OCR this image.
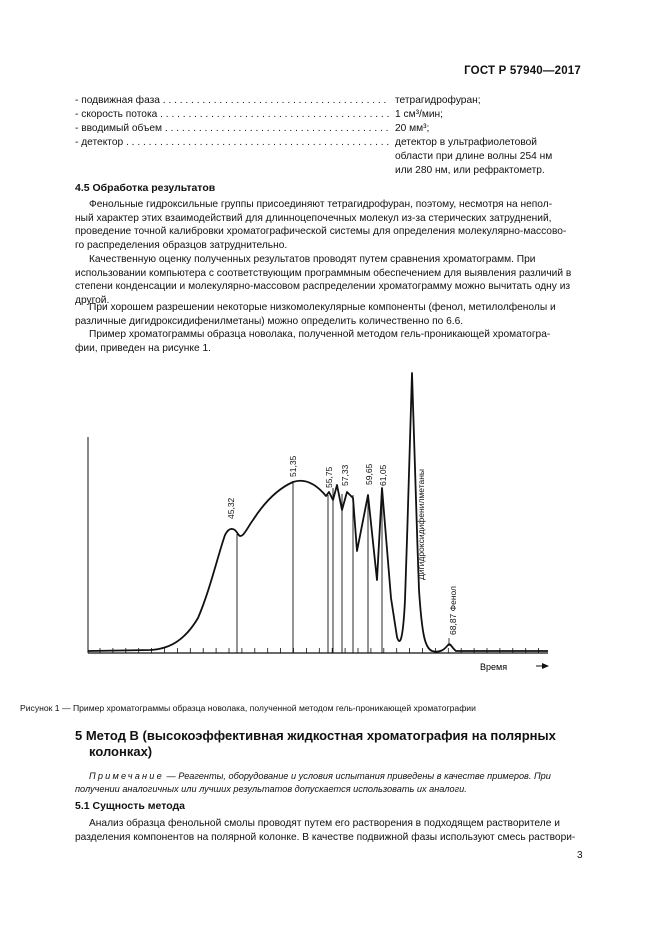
ГОСТ Р 57940—2017
- подвижная фаза . . .	тетрагидрофуран;
- скорость потока . . .	1 см³/мин;
- вводимый объем . . .	20 мм³;
- детектор . . .	детектор в ультрафиолетовой
области при длине волны 254 нм
или 280 нм, или рефрактометр.
4.5 Обработка результатов
Фенольные гидроксильные группы присоединяют тетрагидрофуран, поэтому, несмотря на непол-
ный характер этих взаимодействий для длинноцепочечных молекул из-за стерических затруднений,
проведение точной калибровки хроматографической системы для определения молекулярно-массово-
го распределения образцов затруднительно.
Качественную оценку полученных результатов проводят путем сравнения хроматограмм. При
использовании компьютера с соответствующим программным обеспечением для выявления различий в
степени конденсации и молекулярно-массовом распределении хроматограмму можно вычитать одну из
другой.
При хорошем разрешении некоторые низкомолекулярные компоненты (фенол, метилолфенолы и
различные дигидроксидифенилметаны) можно определить количественно по 6.6.
Пример хроматограммы образца новолака, полученной методом гель-проникающей хроматогра-
фии, приведен на рисунке 1.
Время
45,32
51,35
55,75 57,33 59,65 61,05	Дигидроксидифенилметаны
68,87 Фенол
Рисунок 1 — Пример хроматограммы образца новолака, полученной методом гель-проникающей хроматографии
5 Метод В (высокоэффективная жидкостная хроматография на полярных
колонках)
Примечание — Реагенты, оборудование и условия испытания приведены в качестве примеров. При
получении аналогичных или лучших результатов допускается использовать их аналоги.
5.1 Сущность метода
Анализ образца фенольной смолы проводят путем его растворения в подходящем растворителе и
разделения компонентов на полярной колонке. В качестве подвижной фазы используют смесь раствори-
3
